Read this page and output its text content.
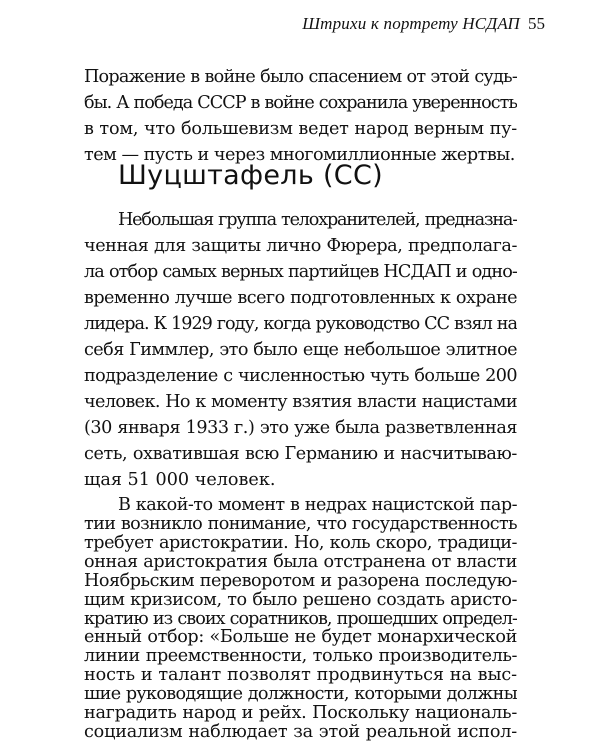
Штрихи к портрету НСДАП 55
Поражение в войне было спасением от этой судь-
бы. А победа СССР в войне сохранила уверенность
в том, что большевизм ведет народ верным пу-
тем — пусть и через многомиллионные жертвы.
Шуцштафель (СС)
Небольшая группа телохранителей, предназна-
ченная для защиты лично Фюрера, предполага-
ла отбор самых верных партийцев НСДАП и одно-
временно лучше всего подготовленных к охране
лидера. К 1929 году, когда руководство СС взял на
себя Гиммлер, это было еще небольшое элитное
подразделение с численностью чуть больше 200
человек. Но к моменту взятия власти нацистами
(30 января 1933 г.) это уже была разветвленная
сеть, охватившая всю Германию и насчитываю-
щая 51 000 человек.
В какой-то момент в недрах нацистской пар-
тии возникло понимание, что государственность
требует аристократии. Но, коль скоро, традици-
онная аристократия была отстранена от власти
Ноябрьским переворотом и разорена последую-
щим кризисом, то было решено создать аристо-
кратию из своих соратников, прошедших определ-
енный отбор: «Больше не будет монархической
линии преемственности, только производитель-
ность и талант позволят продвинуться на выс-
шие руководящие должности, которыми должны
наградить народ и рейх. Поскольку националь-
социализм наблюдает за этой реальной испол-
